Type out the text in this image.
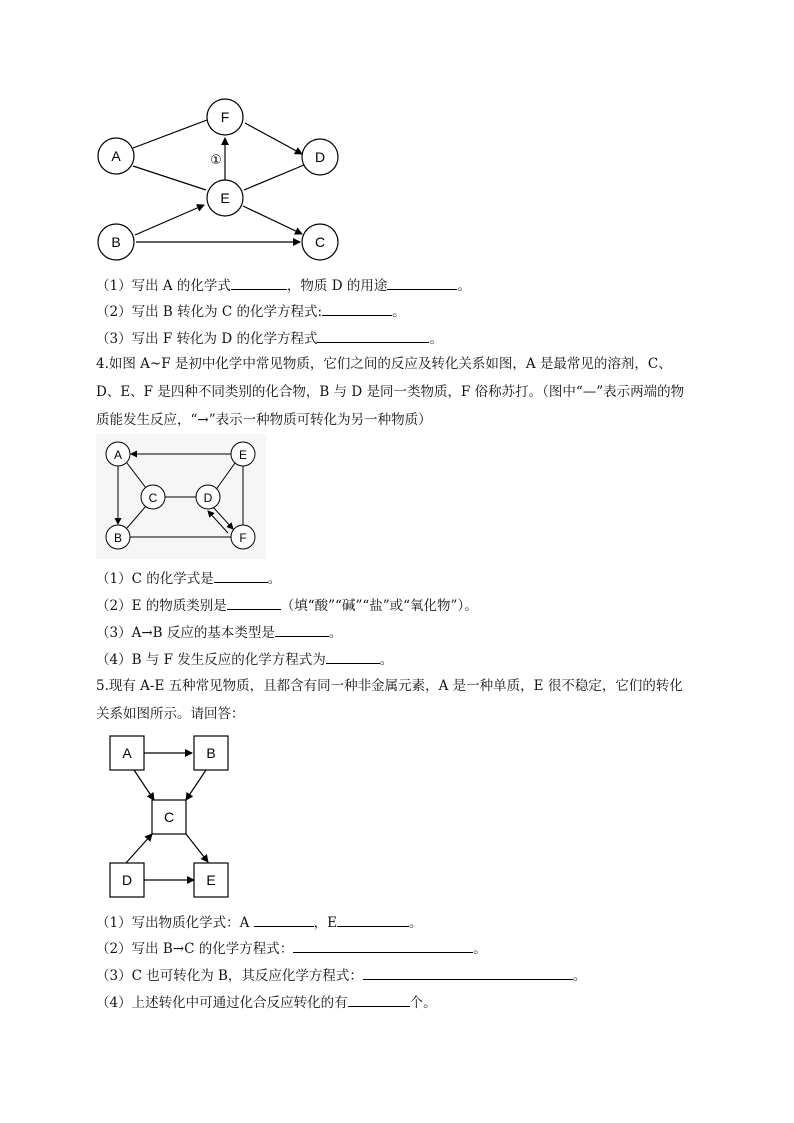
A
F
D
E
B	C
①
（1）写出 A 的化学式	，物质 D 的用途	。
（2）写出 B 转化为 C 的化学方程式:	。
（3）写出 F 转化为 D 的化学方程式	。
4.如图 A~F 是初中化学中常见物质，它们之间的反应及转化关系如图，A 是最常见的溶剂，C、D、E、F 是四种不同类别的化合物，B 与 D 是同一类物质，F 俗称苏打。（图中“—”表示两端的物质能发生反应，“→”表示一种物质可转化为另一种物质）
A	E
C	D
B	F
（1）C 的化学式是	。
（2）E 的物质类别是	（填“酸”“碱”“盐”或“氧化物”）。
（3）A→B 反应的基本类型是	。
（4）B 与 F 发生反应的化学方程式为	。
5.现有 A-E 五种常见物质，且都含有同一种非金属元素，A 是一种单质，E 很不稳定，它们的转化关系如图所示。请回答：
A	B
C
D	E
（1）写出物质化学式：A	，E	。
（2）写出 B→C 的化学方程式：	。
（3）C 也可转化为 B，其反应化学方程式：	。
（4）上述转化中可通过化合反应转化的有	个。
